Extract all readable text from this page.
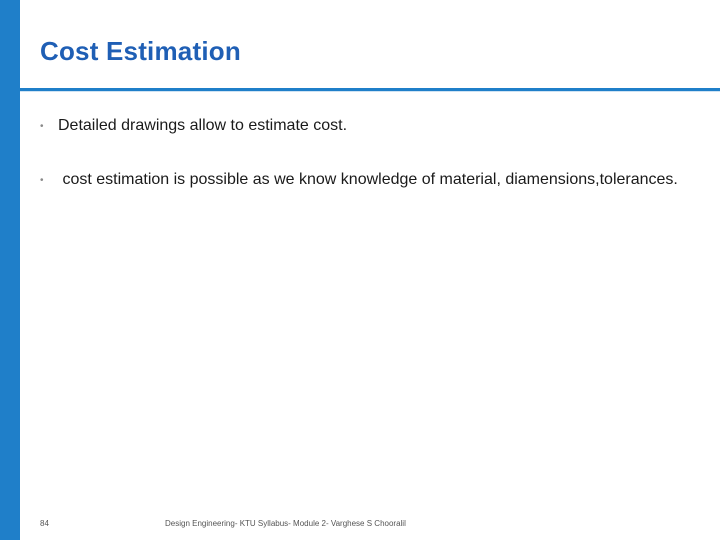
Cost Estimation
• Detailed drawings allow to estimate cost.
• cost estimation is possible as we know knowledge of material, diamensions,tolerances.
84	Design Engineering- KTU Syllabus- Module 2- Varghese S Chooralil
